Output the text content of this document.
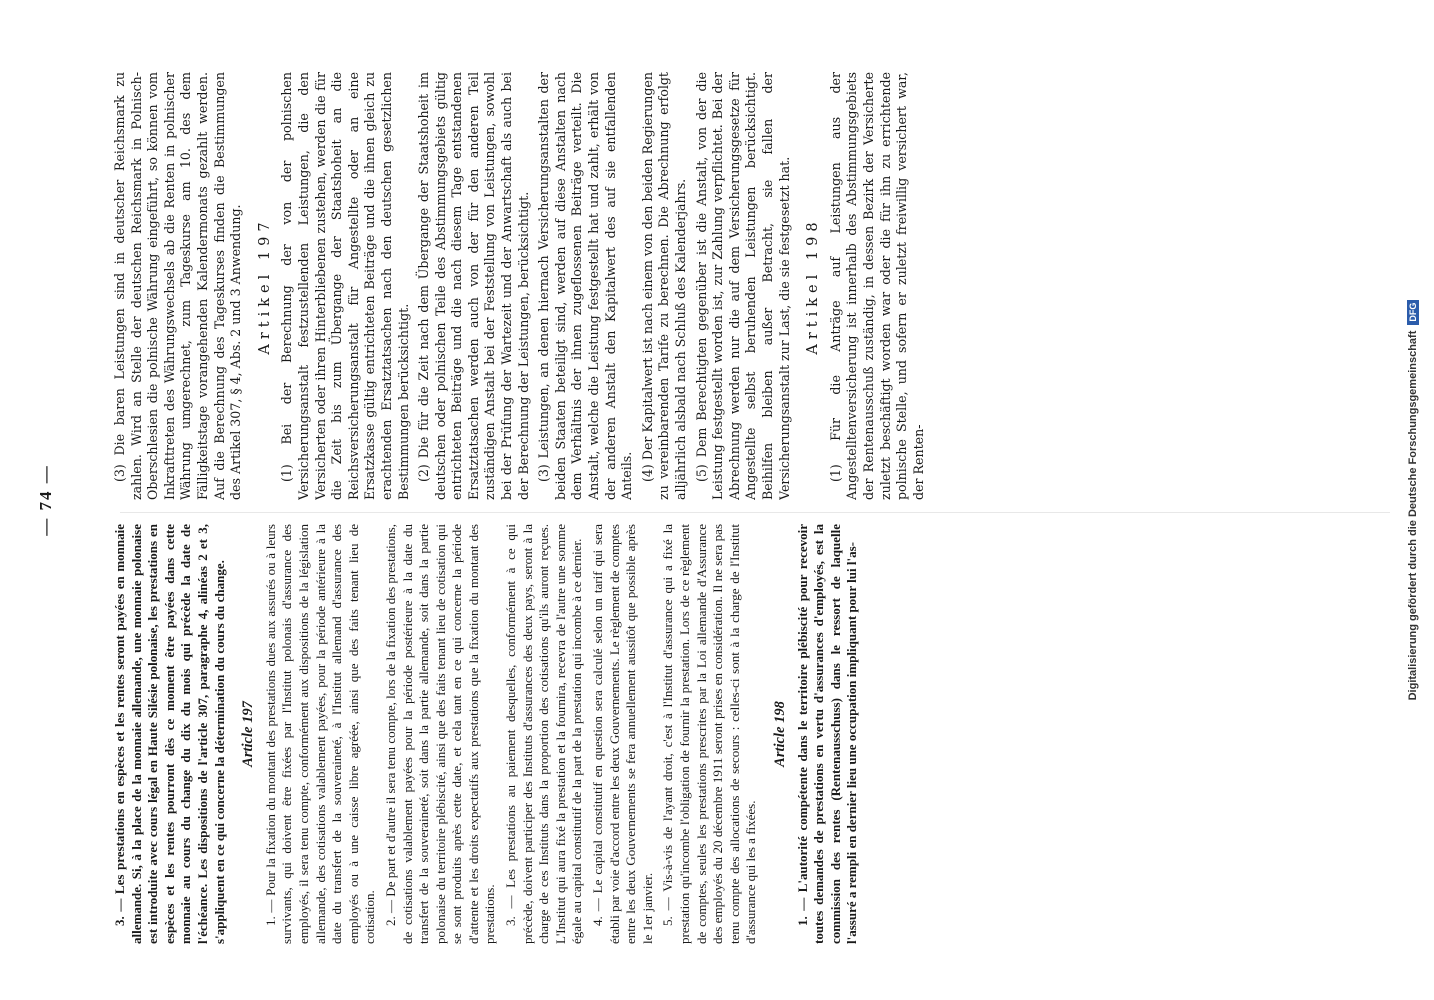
— 74 —

3. — Les prestations en espèces et les rentes seront payées en monnaie allemande. Si, à la place de la monnaie allemande, une monnaie polonaise est introduite avec cours légal en Haute Silésie polonaise, les prestations en espèces et les rentes pourront dès ce moment être payées dans cette monnaie au cours du change du dix du mois qui précède la date de l'échéance. Les dispositions de l'article 307, paragraphe 4, alinéas 2 et 3, s'appliquent en ce qui concerne la détermination du cours du change. Article 197 1. — Pour la fixation du montant des prestations dues aux assurés ou à leurs survivants, qui doivent être fixées par l'Institut polonais d'assurance des employés, il sera tenu compte, conformément aux dispositions de la législation allemande, des cotisations valablement payées, pour la période antérieure à la date du transfert de la souveraineté, à l'Institut allemand d'assurance des employés ou à une caisse libre agréée, ainsi que des faits tenant lieu de cotisation. 2. — De part et d'autre il sera tenu compte, lors de la fixation des prestations, de cotisations valablement payées pour la période postérieure à la date du transfert de la souveraineté, soit dans la partie allemande, soit dans la partie polonaise du territoire plébiscité, ainsi que des faits tenant lieu de cotisation qui se sont produits après cette date, et cela tant en ce qui concerne la période d'attente et les droits expectatifs aux prestations que la fixation du montant des prestations. 3. — Les prestations au paiement desquelles, conformément à ce qui précède, doivent participer des Instituts d'assurances des deux pays, seront à la charge de ces Instituts dans la proportion des cotisations qu'ils auront reçues. L'Institut qui aura fixé la prestation et la fournira, recevra de l'autre une somme égale au capital constitutif de la part de la prestation qui incombe à ce dernier. 4. — Le capital constitutif en question sera calculé selon un tarif qui sera établi par voie d'accord entre les deux Gouvernements. Le règlement de comptes entre les deux Gouvernements se fera annuellement aussitôt que possible après le 1er janvier. 5. — Vis-à-vis de l'ayant droit, c'est à l'Institut d'assurance qui a fixé la prestation qu'incombe l'obligation de fournir la prestation. Lors de ce règlement de comptes, seules les prestations prescrites par la Loi allemande d'Assurance des employés du 20 décembre 1911 seront prises en considération. Il ne sera pas tenu compte des allocations de secours : celles-ci sont à la charge de l'Institut d'assurance qui les a fixées.

Article 198 1. — L'autorité compétente dans le territoire plébiscité pour recevoir toutes demandes de prestations en vertu d'assurances d'employés, est la commission des rentes (Rentenausschuss) dans le ressort de laquelle l'assuré a rempli en dernier lieu une occupation impliquant pour lui l'as-

(3) Die baren Leistungen sind in deutscher Reichsmark zu zahlen. Wird an Stelle der deutschen Reichsmark in Polnisch-Oberschlesien die polnische Währung eingeführt, so können vom Inkrafttreten des Währungswechsels ab die Renten in polnischer Währung umgerechnet, zum Tageskurse am 10. des dem Fälligkeitstage vorangehenden Kalendermonats gezahlt werden. Auf die Berechnung des Tageskurses finden die Bestimmungen des Artikel 307, § 4, Abs. 2 und 3 Anwendung. Artikel 197 (1) Bei der Berechnung der von der polnischen Versicherungsanstalt festzustellenden Leistungen, die den Versicherten oder ihren Hinterbliebenen zustehen, werden die für die Zeit bis zum Übergange der Staatshoheit an die Reichsversicherungsanstalt für Angestellte oder an eine Ersatzkasse gültig entrichteten Beiträge und die ihnen gleich zu erachtenden Ersatztatsachen nach den deutschen gesetzlichen Bestimmungen berücksichtigt. (2) Die für die Zeit nach dem Übergange der Staatshoheit im deutschen oder polnischen Teile des Abstimmungsgebiets gültig entrichteten Beiträge und die nach diesem Tage entstandenen Ersatztatsachen werden auch von der für den anderen Teil zuständigen Anstalt bei der Feststellung von Leistungen, sowohl bei der Prüfung der Wartezeit und der Anwartschaft als auch bei der Berechnung der Leistungen, berücksichtigt. (3) Leistungen, an denen hiernach Versicherungsanstalten der beiden Staaten beteiligt sind, werden auf diese Anstalten nach dem Verhältnis der ihnen zugeflossenen Beiträge verteilt. Die Anstalt, welche die Leistung festgestellt hat und zahlt, erhält von der anderen Anstalt den Kapitalwert des auf sie entfallenden Anteils. (4) Der Kapitalwert ist nach einem von den beiden Regierungen zu vereinbarenden Tarife zu berechnen. Die Abrechnung erfolgt alljährlich alsbald nach Schluß des Kalenderjahrs. (5) Dem Berechtigten gegenüber ist die Anstalt, von der die Leistung festgestellt worden ist, zur Zahlung verpflichtet. Bei der Abrechnung werden nur die auf dem Versicherungsgesetze für Angestellte selbst beruhenden Leistungen berücksichtigt. Beihilfen bleiben außer Betracht, sie fallen der Versicherungsanstalt zur Last, die sie festgesetzt hat. Artikel 198 (1) Für die Anträge auf Leistungen aus der Angestelltenversicherung ist innerhalb des Abstimmungsgebiets der Rentenausschuß zuständig, in dessen Bezirk der Versicherte zuletzt beschäftigt worden war oder die für ihn zu errichtende polnische Stelle, und sofern er zuletzt freiwillig versichert war, der Renten-	Digitalisierung gefördert durch die Deutsche Forschungsgemeinschaft
DFG
